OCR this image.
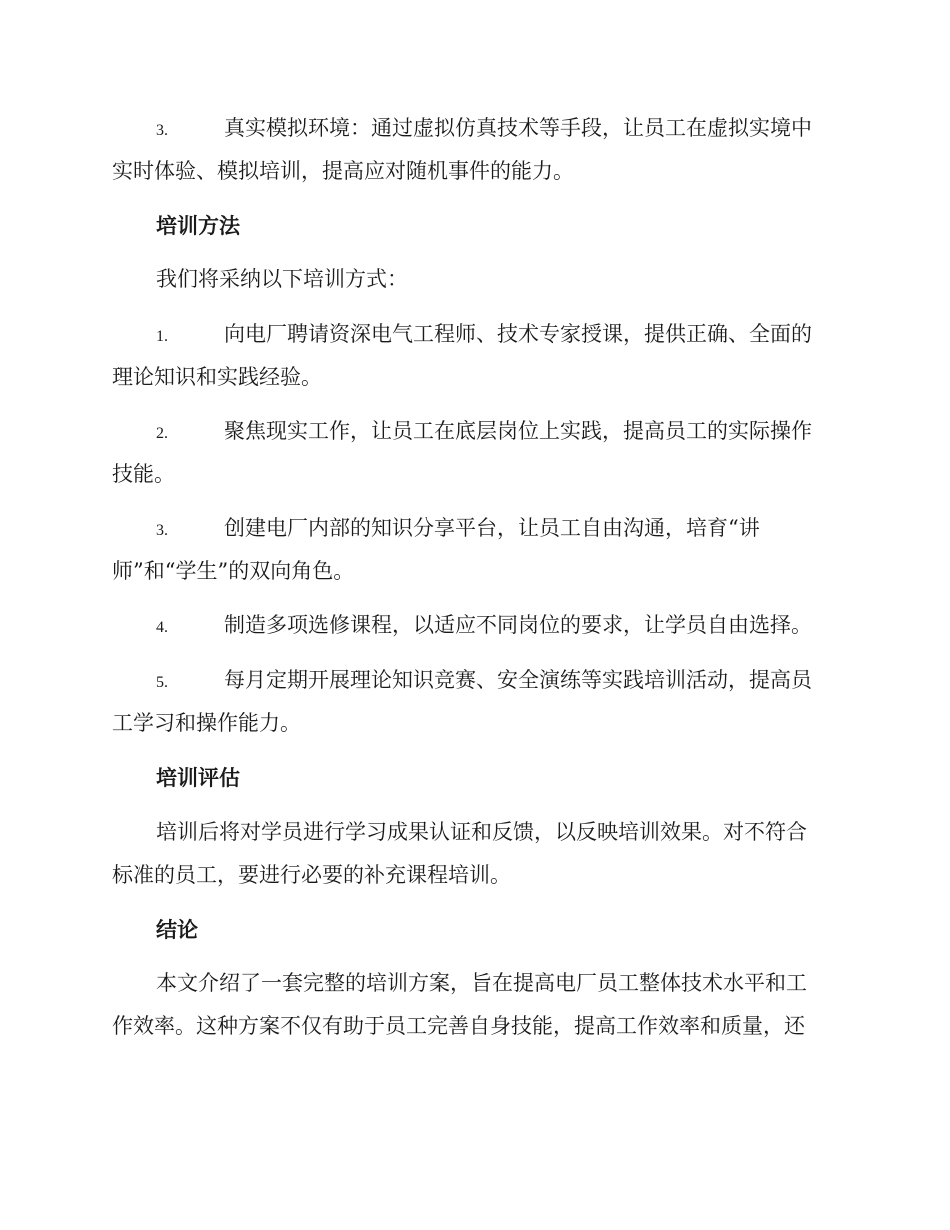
3.	真实模拟环境：通过虚拟仿真技术等手段，让员工在虚拟实境中
实时体验、模拟培训，提高应对随机事件的能力。
培训方法
我们将采纳以下培训方式：
1.	向电厂聘请资深电气工程师、技术专家授课，提供正确、全面的
理论知识和实践经验。
2.	聚焦现实工作，让员工在底层岗位上实践，提高员工的实际操作
技能。
3.	创建电厂内部的知识分享平台，让员工自由沟通，培育“讲
师”和“学生”的双向角色。
4.	制造多项选修课程，以适应不同岗位的要求，让学员自由选择。
5.	每月定期开展理论知识竞赛、安全演练等实践培训活动，提高员
工学习和操作能力。
培训评估
培训后将对学员进行学习成果认证和反馈，以反映培训效果。对不符合
标准的员工，要进行必要的补充课程培训。
结论
本文介绍了一套完整的培训方案，旨在提高电厂员工整体技术水平和工
作效率。这种方案不仅有助于员工完善自身技能，提高工作效率和质量，还
